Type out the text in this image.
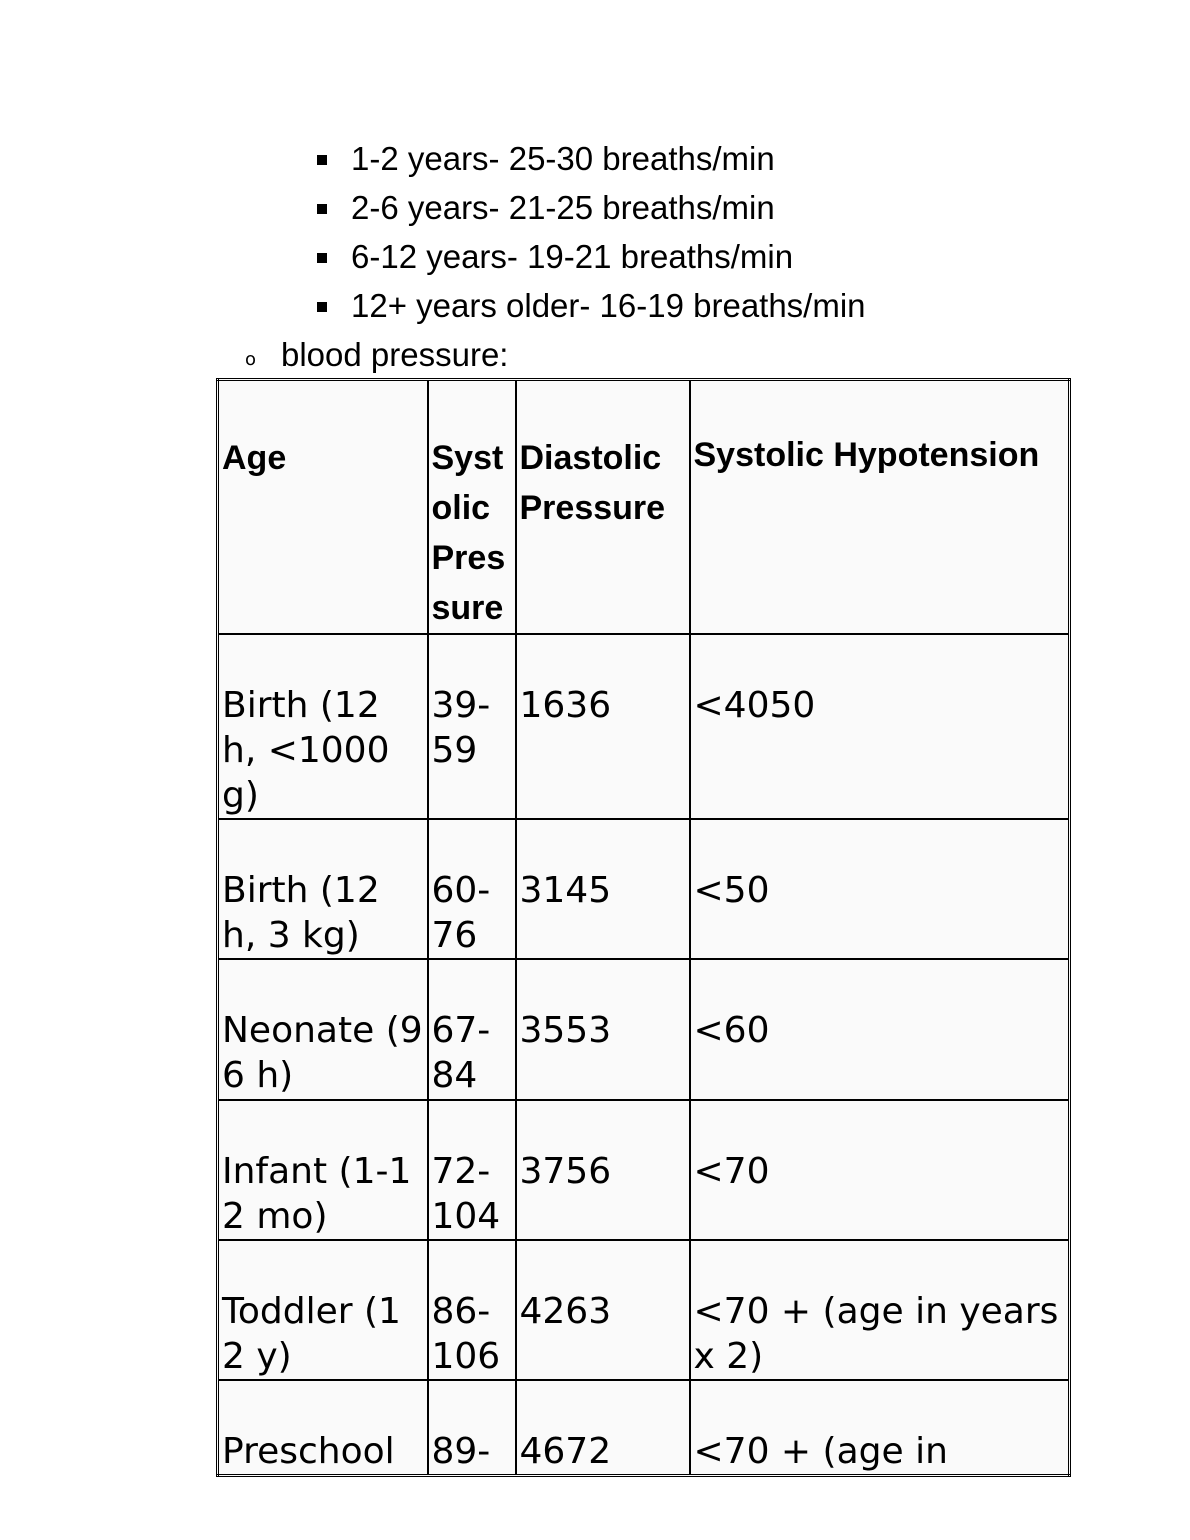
1-2 years- 25-30 breaths/min
2-6 years- 21-25 breaths/min
6-12 years- 19-21 breaths/min
12+ years older- 16-19 breaths/min
o blood pressure:
Age	Systolic Pressure	Diastolic Pressure	Systolic Hypotension

Birth (12 h, <1000 g)	39-59	1636	<4050

Birth (12 h, 3 kg)	60-76	3145	<50

Neonate (96 h)	67-84	3553	<60

Infant (1-12 mo)	72-104	3756	<70

Toddler (12 y)	86-106	4263	<70 + (age in years x 2)

Preschool	89-	4672	<70 + (age in
